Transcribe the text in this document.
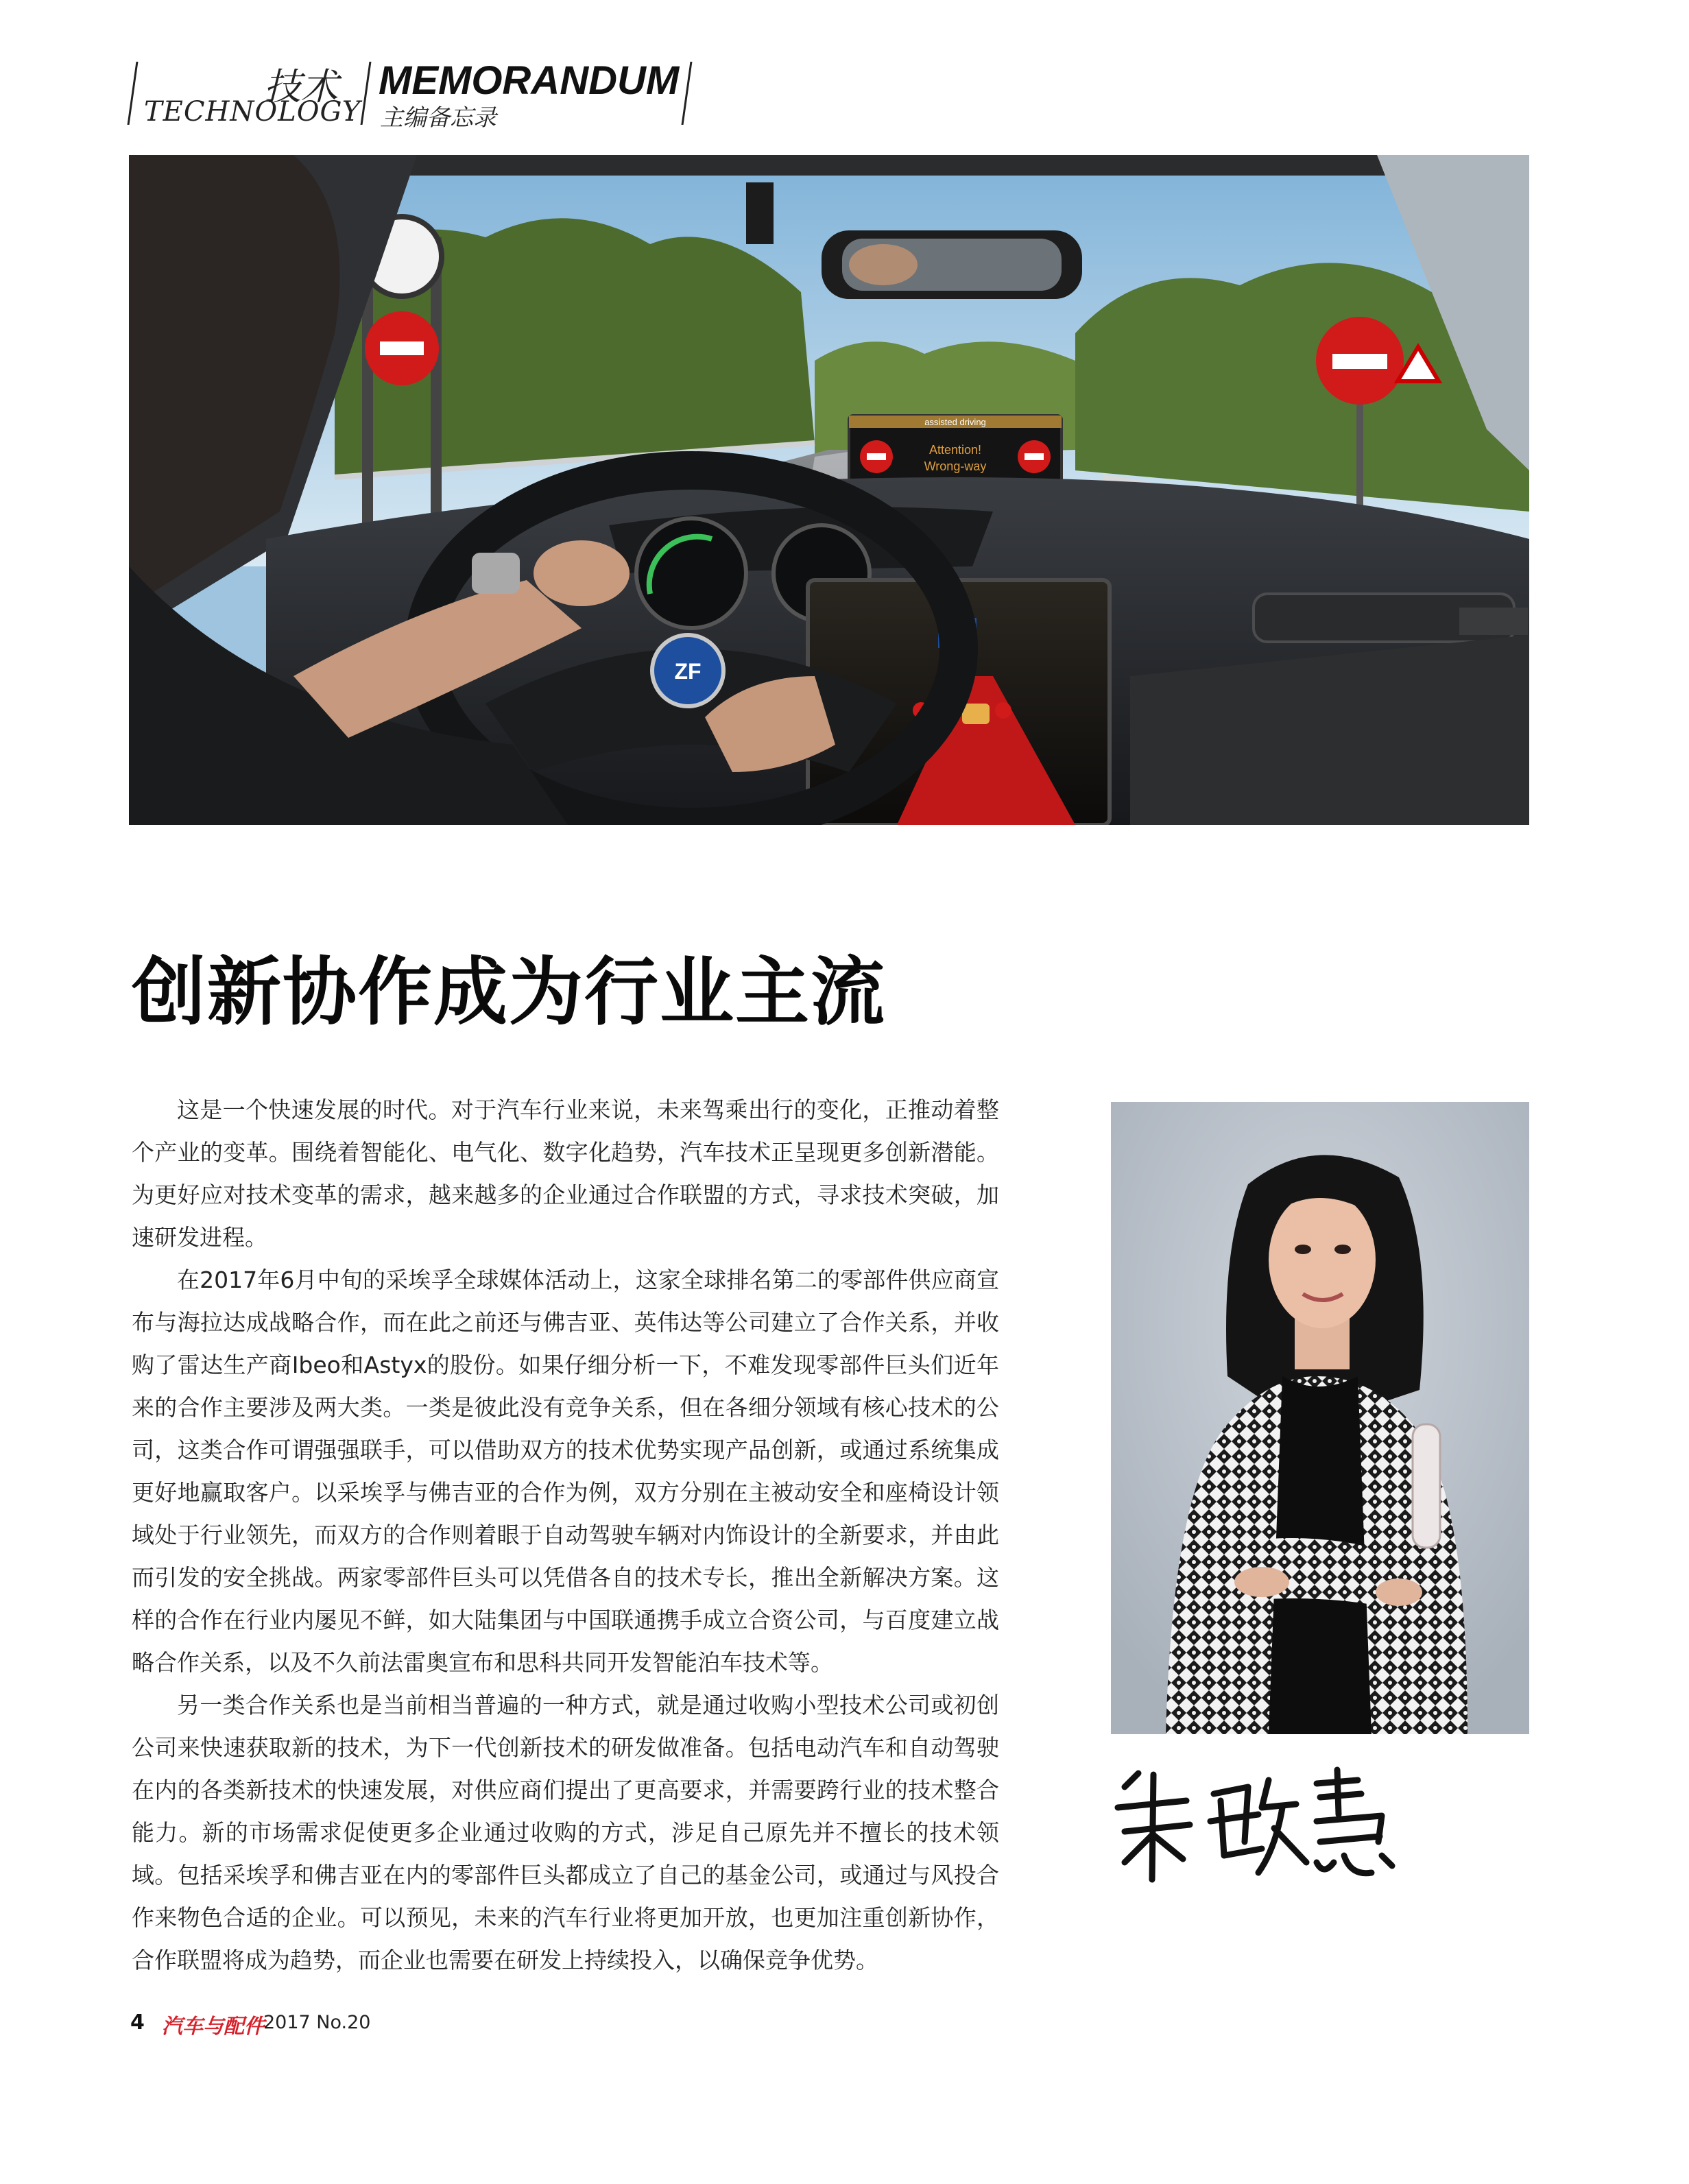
技术
TECHNOLOGY
MEMORANDUM
主编备忘录
assisted driving
Attention!
Wrong-way
ZF
ZF
创新协作成为行业主流

这是一个快速发展的时代。对于汽车行业来说，未来驾乘出行的变化，正推动着整个产业的变革。围绕着智能化、电气化、数字化趋势，汽车技术正呈现更多创新潜能。为更好应对技术变革的需求，越来越多的企业通过合作联盟的方式，寻求技术突破，加速研发进程。

在2017年6月中旬的采埃孚全球媒体活动上，这家全球排名第二的零部件供应商宣布与海拉达成战略合作，而在此之前还与佛吉亚、英伟达等公司建立了合作关系，并收购了雷达生产商Ibeo和Astyx的股份。如果仔细分析一下，不难发现零部件巨头们近年来的合作主要涉及两大类。一类是彼此没有竞争关系，但在各细分领域有核心技术的公司，这类合作可谓强强联手，可以借助双方的技术优势实现产品创新，或通过系统集成更好地赢取客户。以采埃孚与佛吉亚的合作为例，双方分别在主被动安全和座椅设计领域处于行业领先，而双方的合作则着眼于自动驾驶车辆对内饰设计的全新要求，并由此而引发的安全挑战。两家零部件巨头可以凭借各自的技术专长，推出全新解决方案。这样的合作在行业内屡见不鲜，如大陆集团与中国联通携手成立合资公司，与百度建立战略合作关系，以及不久前法雷奥宣布和思科共同开发智能泊车技术等。

另一类合作关系也是当前相当普遍的一种方式，就是通过收购小型技术公司或初创公司来快速获取新的技术，为下一代创新技术的研发做准备。包括电动汽车和自动驾驶在内的各类新技术的快速发展，对供应商们提出了更高要求，并需要跨行业的技术整合能力。新的市场需求促使更多企业通过收购的方式，涉足自己原先并不擅长的技术领域。包括采埃孚和佛吉亚在内的零部件巨头都成立了自己的基金公司，或通过与风投合作来物色合适的企业。可以预见，未来的汽车行业将更加开放，也更加注重创新协作，合作联盟将成为趋势，而企业也需要在研发上持续投入，以确保竞争优势。

4 汽车与配件
2017 No.20
